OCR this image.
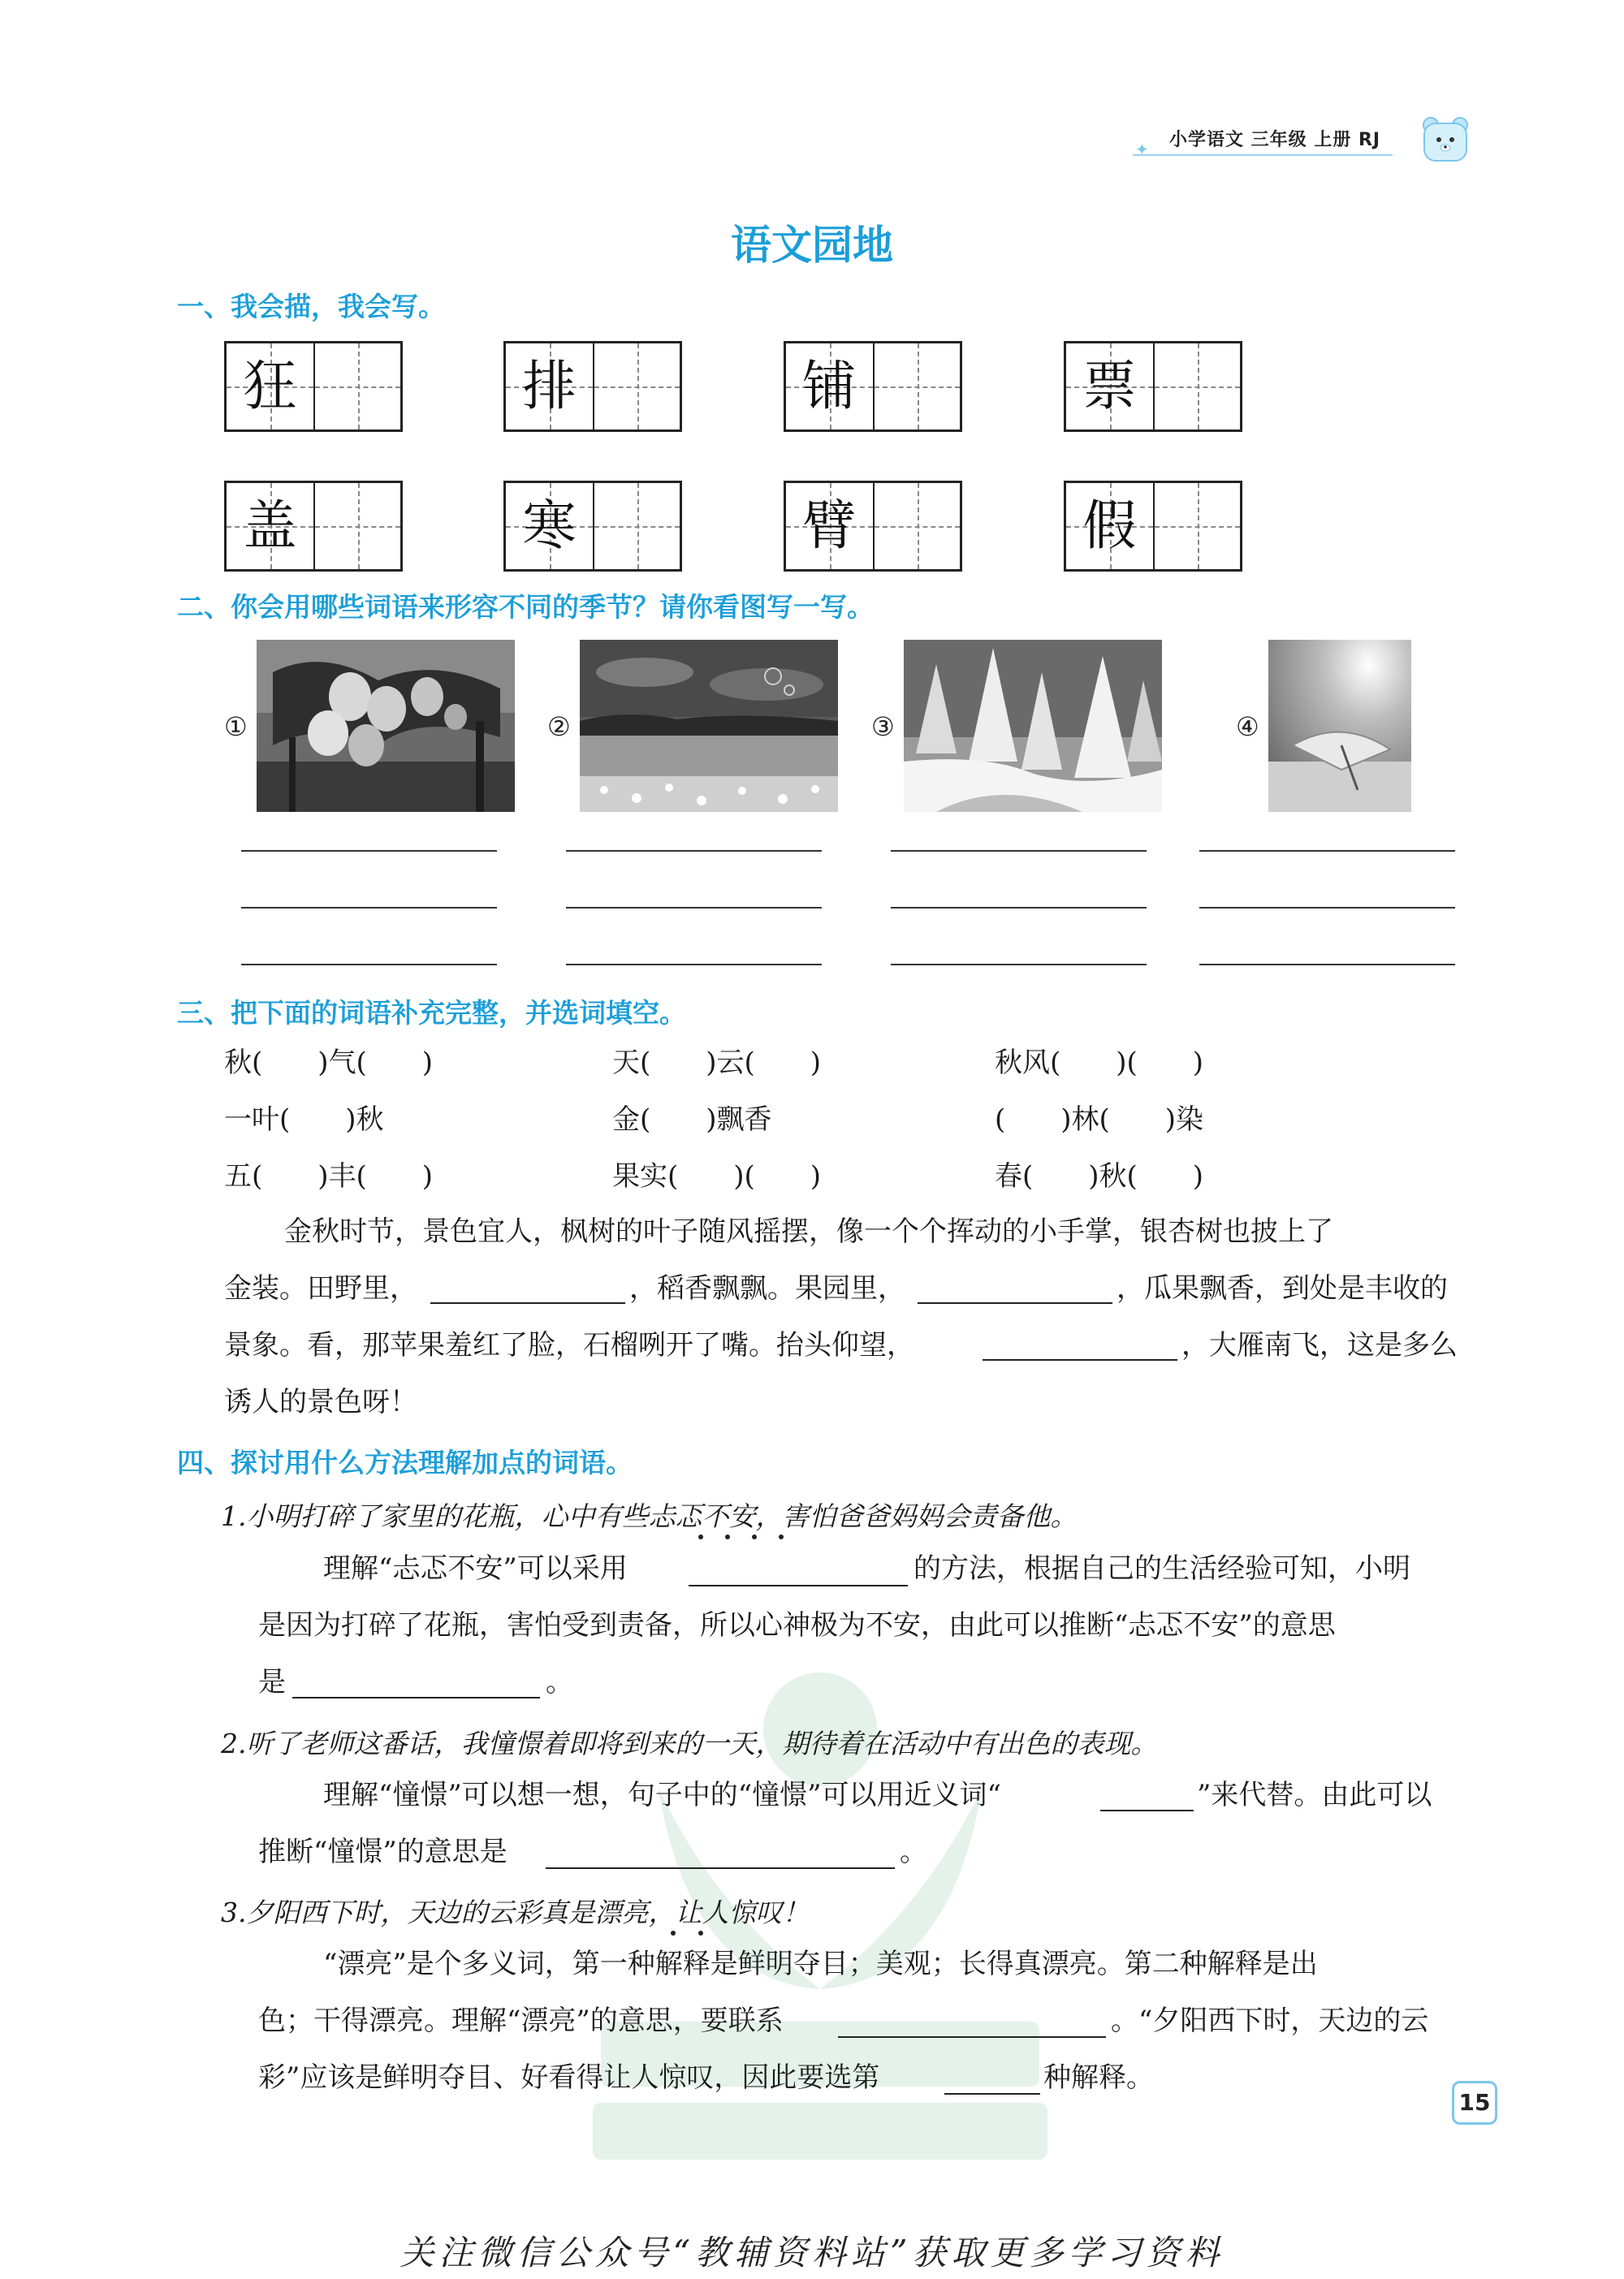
✦ 小学语文 三年级 上册 RJ
语文园地
一、我会描，我会写。
狂	排	铺	票
盖	寒	臂	假
二、你会用哪些词语来形容不同的季节？请你看图写一写。
①	②	③	④
三、把下面的词语补充完整，并选词填空。
秋(　　)气(　　)	天(　　)云(　　)	秋风(　　)(　　)
一叶(　　)秋	金(　　)飘香	(　　)林(　　)染
五(　　)丰(　　)	果实(　　)(　　)	春(　　)秋(　　)
金秋时节，景色宜人，枫树的叶子随风摇摆，像一个个挥动的小手掌，银杏树也披上了
金装。田野里，	，稻香飘飘。果园里，	，瓜果飘香，到处是丰收的
景象。看，那苹果羞红了脸，石榴咧开了嘴。抬头仰望，	，大雁南飞，这是多么
诱人的景色呀！
四、探讨用什么方法理解加点的词语。
1.小明打碎了家里的花瓶，心中有些忐忑不安，害怕爸爸妈妈会责备他。
理解“忐忑不安”可以采用	的方法，根据自己的生活经验可知，小明
是因为打碎了花瓶，害怕受到责备，所以心神极为不安，由此可以推断“忐忑不安”的意思
是	。
2.听了老师这番话，我憧憬着即将到来的一天，期待着在活动中有出色的表现。
理解“憧憬”可以想一想，句子中的“憧憬”可以用近义词“	”来代替。由此可以
推断“憧憬”的意思是	。
3.夕阳西下时，天边的云彩真是漂亮，让人惊叹！
“漂亮”是个多义词，第一种解释是鲜明夺目；美观；长得真漂亮。第二种解释是出
色；干得漂亮。理解“漂亮”的意思，要联系	。“夕阳西下时，天边的云
彩”应该是鲜明夺目、好看得让人惊叹，因此要选第	种解释。
15
关注微信公众号“教辅资料站”获取更多学习资料
